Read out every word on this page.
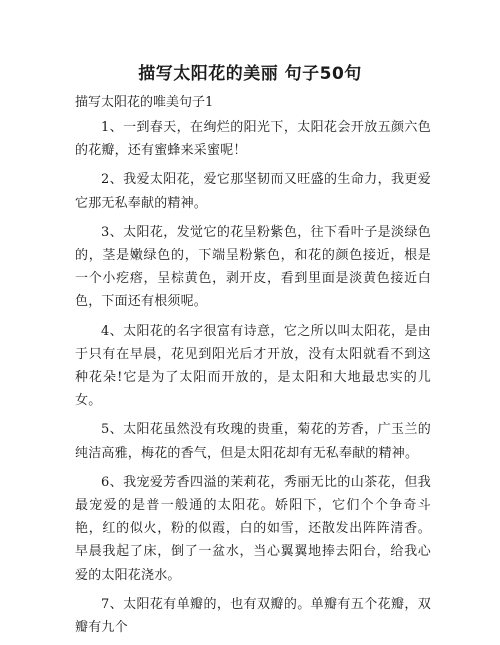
描写太阳花的美丽 句子50句

描写太阳花的唯美句子1

1、一到春天，在绚烂的阳光下，太阳花会开放五颜六色的花瓣，还有蜜蜂来采蜜呢！

2、我爱太阳花，爱它那坚韧而又旺盛的生命力，我更爱它那无私奉献的精神。

3、太阳花，发觉它的花呈粉紫色，往下看叶子是淡绿色的，茎是嫩绿色的，下端呈粉紫色，和花的颜色接近，根是一个小疙瘩，呈棕黄色，剥开皮，看到里面是淡黄色接近白色，下面还有根须呢。

4、太阳花的名字很富有诗意，它之所以叫太阳花，是由于只有在早晨，花见到阳光后才开放，没有太阳就看不到这种花朵!它是为了太阳而开放的，是太阳和大地最忠实的儿女。

5、太阳花虽然没有玫瑰的贵重，菊花的芳香，广玉兰的纯洁高雅，梅花的香气，但是太阳花却有无私奉献的精神。

6、我宠爱芳香四溢的茉莉花，秀丽无比的山茶花，但我最宠爱的是普一般通的太阳花。娇阳下，它们个个争奇斗艳，红的似火，粉的似霞，白的如雪，还散发出阵阵清香。早晨我起了床，倒了一盆水，当心翼翼地捧去阳台，给我心爱的太阳花浇水。

7、太阳花有单瓣的，也有双瓣的。单瓣有五个花瓣，双瓣有九个
